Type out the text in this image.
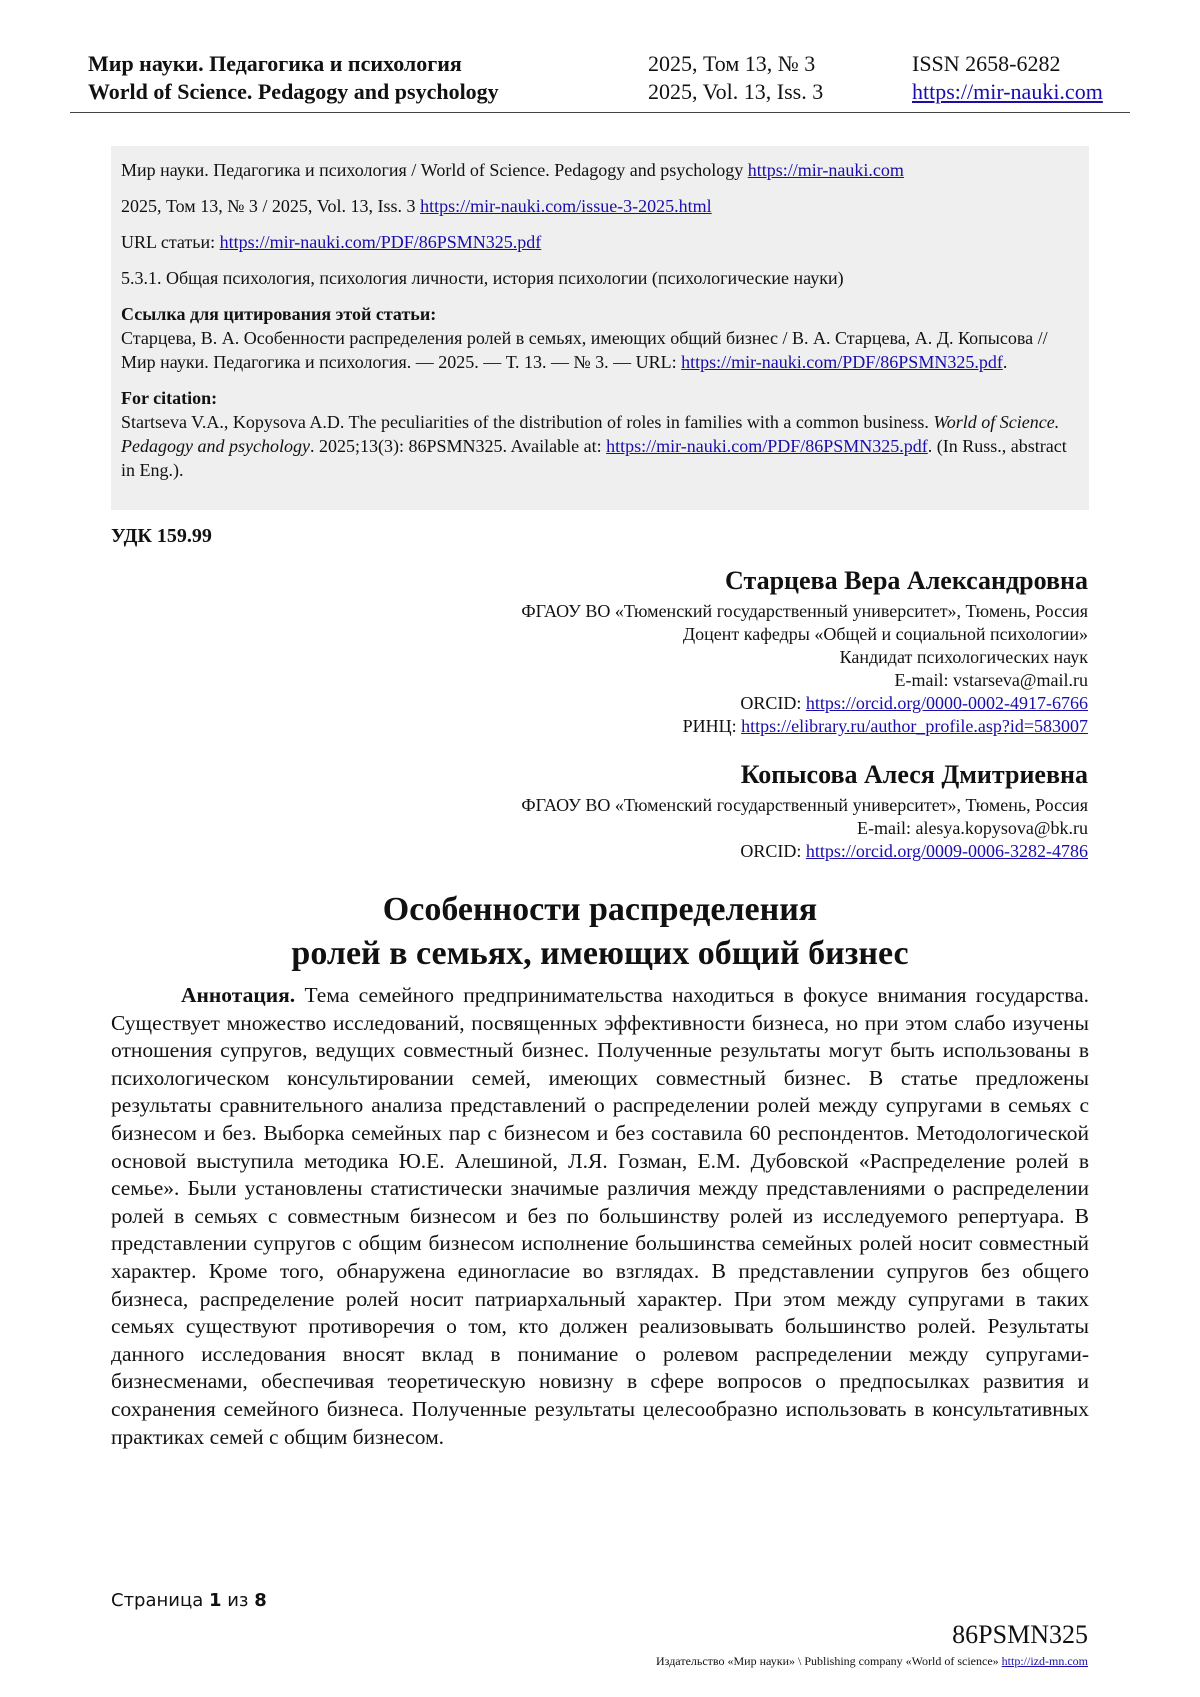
Мир науки. Педагогика и психология
World of Science. Pedagogy and psychology
2025, Том 13, № 3
2025, Vol. 13, Iss. 3
ISSN 2658-6282
https://mir-nauki.com

Мир науки. Педагогика и психология / World of Science. Pedagogy and psychology https://mir-nauki.com

2025, Том 13, № 3 / 2025, Vol. 13, Iss. 3 https://mir-nauki.com/issue-3-2025.html

URL статьи: https://mir-nauki.com/PDF/86PSMN325.pdf

5.3.1. Общая психология, психология личности, история психологии (психологические науки)

Ссылка для цитирования этой статьи:

Старцева, В. А. Особенности распределения ролей в семьях, имеющих общий бизнес / В. А. Старцева, А. Д. Копысова // Мир науки. Педагогика и психология. — 2025. — Т. 13. — № 3. — URL: https://mir-nauki.com/PDF/86PSMN325.pdf.

For citation:

Startseva V.A., Kopysova A.D. The peculiarities of the distribution of roles in families with a common business. World of Science. Pedagogy and psychology. 2025;13(3): 86PSMN325. Available at: https://mir-nauki.com/PDF/86PSMN325.pdf. (In Russ., abstract in Eng.).

УДК 159.99
Старцева Вера Александровна
ФГАОУ ВО «Тюменский государственный университет», Тюмень, Россия
Доцент кафедры «Общей и социальной психологии»
Кандидат психологических наук
E-mail: vstarseva@mail.ru
ORCID: https://orcid.org/0000-0002-4917-6766
РИНЦ: https://elibrary.ru/author_profile.asp?id=583007
Копысова Алеся Дмитриевна
ФГАОУ ВО «Тюменский государственный университет», Тюмень, Россия
E-mail: alesya.kopysova@bk.ru
ORCID: https://orcid.org/0009-0006-3282-4786
Особенности распределения
ролей в семьях, имеющих общий бизнес

Аннотация. Тема семейного предпринимательства находиться в фокусе внимания государства. Существует множество исследований, посвященных эффективности бизнеса, но при этом слабо изучены отношения супругов, ведущих совместный бизнес. Полученные результаты могут быть использованы в психологическом консультировании семей, имеющих совместный бизнес. В статье предложены результаты сравнительного анализа представлений о распределении ролей между супругами в семьях с бизнесом и без. Выборка семейных пар с бизнесом и без составила 60 респондентов. Методологической основой выступила методика Ю.Е. Алешиной, Л.Я. Гозман, Е.М. Дубовской «Распределение ролей в семье». Были установлены статистически значимые различия между представлениями о распределении ролей в семьях с совместным бизнесом и без по большинству ролей из исследуемого репертуара. В представлении супругов с общим бизнесом исполнение большинства семейных ролей носит совместный характер. Кроме того, обнаружена единогласие во взглядах. В представлении супругов без общего бизнеса, распределение ролей носит патриархальный характер. При этом между супругами в таких семьях существуют противоречия о том, кто должен реализовывать большинство ролей. Результаты данного исследования вносят вклад в понимание о ролевом распределении между супругами-бизнесменами, обеспечивая теоретическую новизну в сфере вопросов о предпосылках развития и сохранения семейного бизнеса. Полученные результаты целесообразно использовать в консультативных практиках семей с общим бизнесом.

Страница 1 из 8
86PSMN325
Издательство «Мир науки» \ Publishing company «World of science» http://izd-mn.com
